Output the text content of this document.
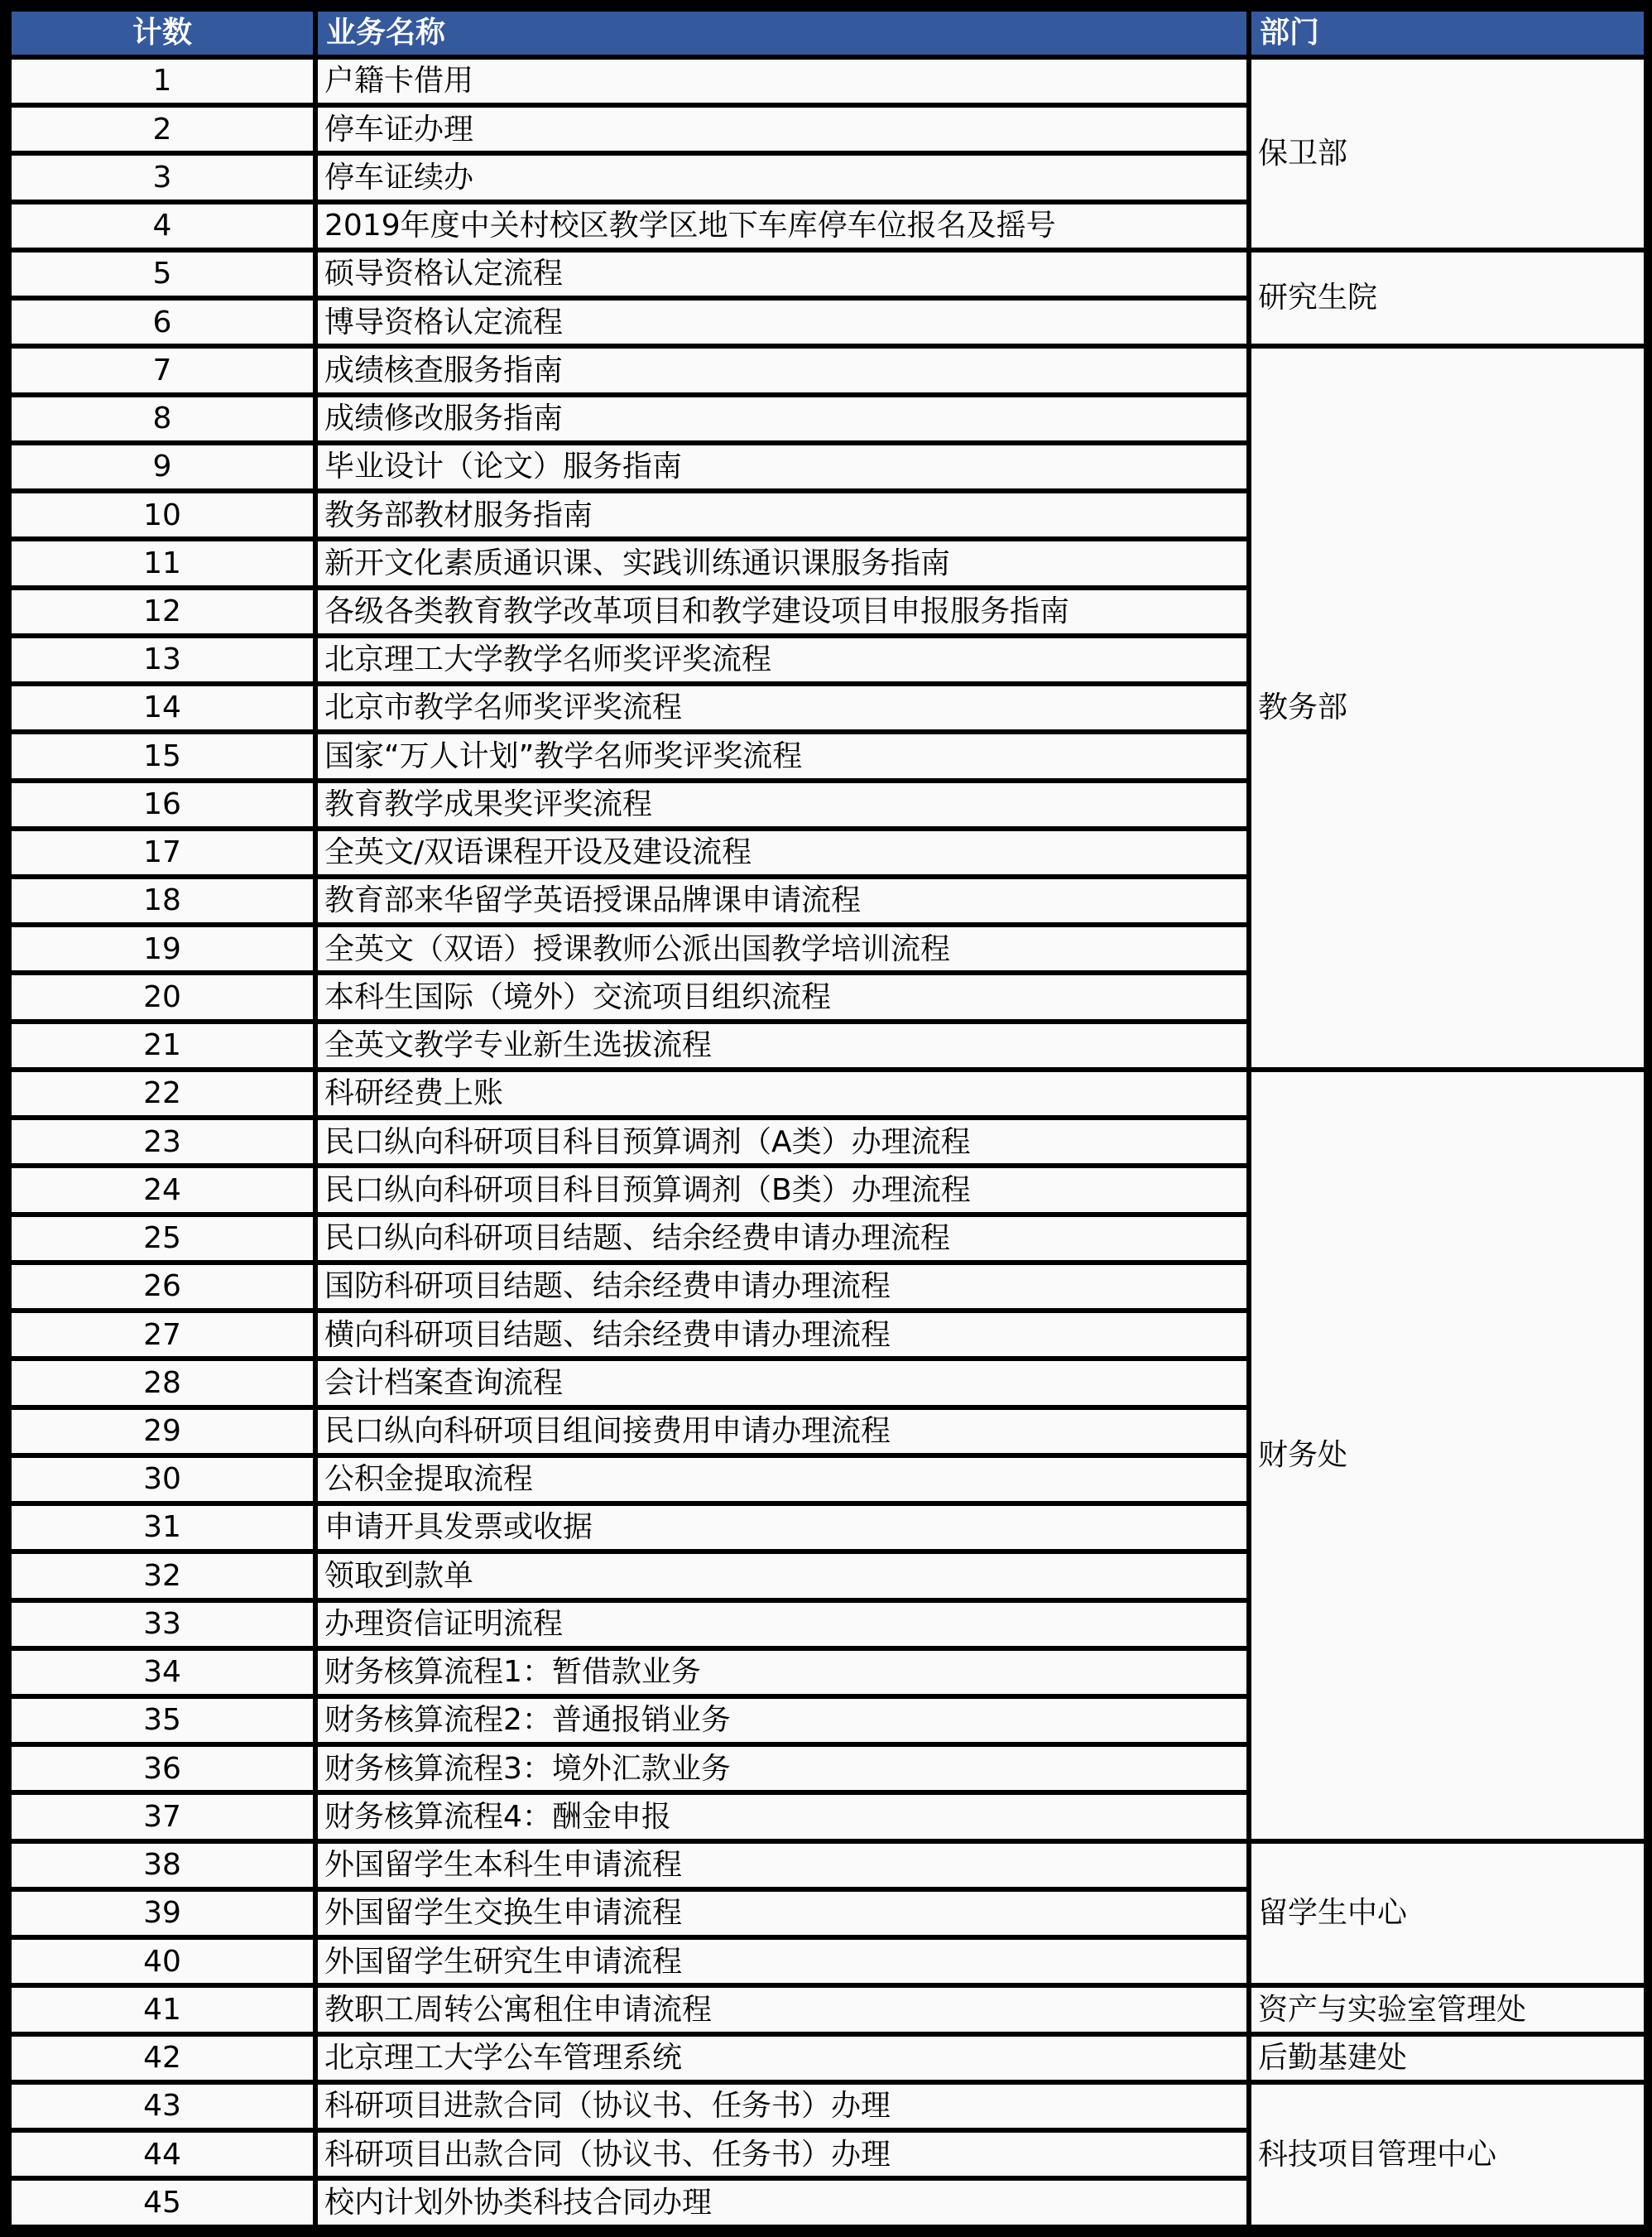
计数	业务名称	部门
1	户籍卡借用	保卫部
2	停车证办理	
3	停车证续办	
4	2019年度中关村校区教学区地下车库停车位报名及摇号	
5	硕导资格认定流程	研究生院
6	博导资格认定流程	
7	成绩核查服务指南	教务部
8	成绩修改服务指南	
9	毕业设计（论文）服务指南	
10	教务部教材服务指南	
11	新开文化素质通识课、实践训练通识课服务指南	
12	各级各类教育教学改革项目和教学建设项目申报服务指南	
13	北京理工大学教学名师奖评奖流程	
14	北京市教学名师奖评奖流程	
15	国家“万人计划”教学名师奖评奖流程	
16	教育教学成果奖评奖流程	
17	全英文/双语课程开设及建设流程	
18	教育部来华留学英语授课品牌课申请流程	
19	全英文（双语）授课教师公派出国教学培训流程	
20	本科生国际（境外）交流项目组织流程	
21	全英文教学专业新生选拔流程	
22	科研经费上账	财务处
23	民口纵向科研项目科目预算调剂（A类）办理流程	
24	民口纵向科研项目科目预算调剂（B类）办理流程	
25	民口纵向科研项目结题、结余经费申请办理流程	
26	国防科研项目结题、结余经费申请办理流程	
27	横向科研项目结题、结余经费申请办理流程	
28	会计档案查询流程	
29	民口纵向科研项目组间接费用申请办理流程	
30	公积金提取流程	
31	申请开具发票或收据	
32	领取到款单	
33	办理资信证明流程	
34	财务核算流程1：暂借款业务	
35	财务核算流程2：普通报销业务	
36	财务核算流程3：境外汇款业务	
37	财务核算流程4：酬金申报	
38	外国留学生本科生申请流程	留学生中心
39	外国留学生交换生申请流程	
40	外国留学生研究生申请流程	
41	教职工周转公寓租住申请流程	资产与实验室管理处
42	北京理工大学公车管理系统	后勤基建处
43	科研项目进款合同（协议书、任务书）办理	科技项目管理中心
44	科研项目出款合同（协议书、任务书）办理	
45	校内计划外协类科技合同办理	
